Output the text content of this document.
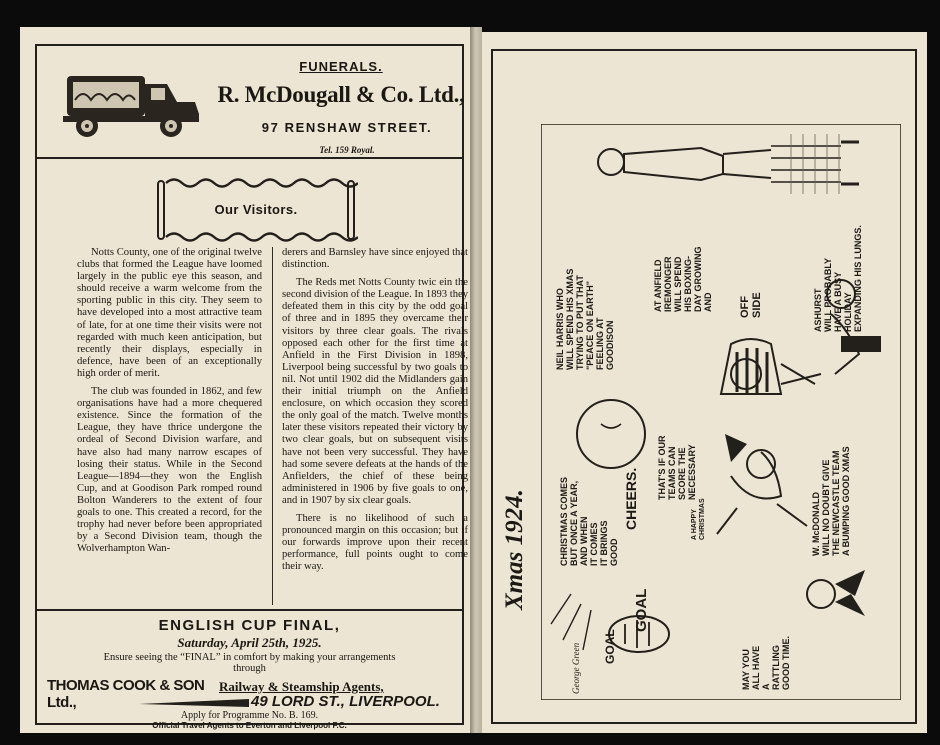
FUNERALS.
R. McDougall & Co. Ltd.,
97 RENSHAW STREET.
Tel. 159 Royal.
Our Visitors.

Notts County, one of the original twelve clubs that formed the League have loomed largely in the public eye this season, and should receive a warm welcome from the sporting public in this city. They seem to have developed into a most attractive team of late, for at one time their visits were not regarded with much keen anticipation, but recently their displays, especially in defence, have been of an exceptionally high order of merit.

The club was founded in 1862, and few organisations have had a more chequered existence. Since the formation of the League, they have thrice undergone the ordeal of Second Division warfare, and have also had many narrow escapes of losing their status. While in the Second League—1894—they won the English Cup, and at Goodison Park romped round Bolton Wanderers to the extent of four goals to one. This created a record, for the trophy had never before been appropriated by a Second Division team, though the Wolverhampton Wan-

derers and Barnsley have since enjoyed that distinction.

The Reds met Notts County twic ein the second division of the League. In 1893 they defeated them in this city by the odd goal of three and in 1895 they overcame their visitors by three clear goals. The rivals opposed each other for the first time at Anfield in the First Division in 1898, Liverpool being successful by two goals to nil. Not until 1902 did the Midlanders gain their initial triumph on the Anfield enclosure, on which occasion they scored the only goal of the match. Twelve months later these visitors repeated their victory by two clear goals, but on subsequent visits have not been very successful. They have had some severe defeats at the hands of the Anfielders, the chief of these being administered in 1906 by five goals to one, and in 1907 by six clear goals.

There is no likelihood of such a pronounced margin on this occasion; but if our forwards improve upon their recent performance, full points ought to come their way.

ENGLISH CUP FINAL,
Saturday, April 25th, 1925.
Ensure seeing the “FINAL” in comfort by making your arrangements
through
THOMAS COOK & SON Ltd.,
Railway & Steamship Agents,
49 LORD ST., LIVERPOOL.
Apply for Programme No. B. 169.
Official Travel Agents to Everton and Liverpool F.C.
Xmas 1924.
George Green
CHRISTMAS COMES BUT ONCE A YEAR, AND WHEN IT COMES IT BRINGS GOOD
CHEERS.
NEIL HARRIS WHO WILL SPEND HIS XMAS TRYING TO PUT THAT "PEACE ON EARTH" FEELING AT GOODISON
AT ANFIELD IREMONGER WILL SPEND HIS BOXING- DAY GROWING AND OFF SIDE	ASHURST WILL PROBABLY HAVE A BUSY HOLIDAY EXPANDING HIS LUNGS.
THAT'S IF OUR TEAMS CAN SCORE THE NECESSARY
A HAPPY CHRISTMAS	W. McDONALD WILL NO DOUBT GIVE THE NEWCASTLE TEAM A BUMPING GOOD XMAS
GOAL
GOAL
MAY YOU ALL HAVE A RATTLING GOOD TIME.
